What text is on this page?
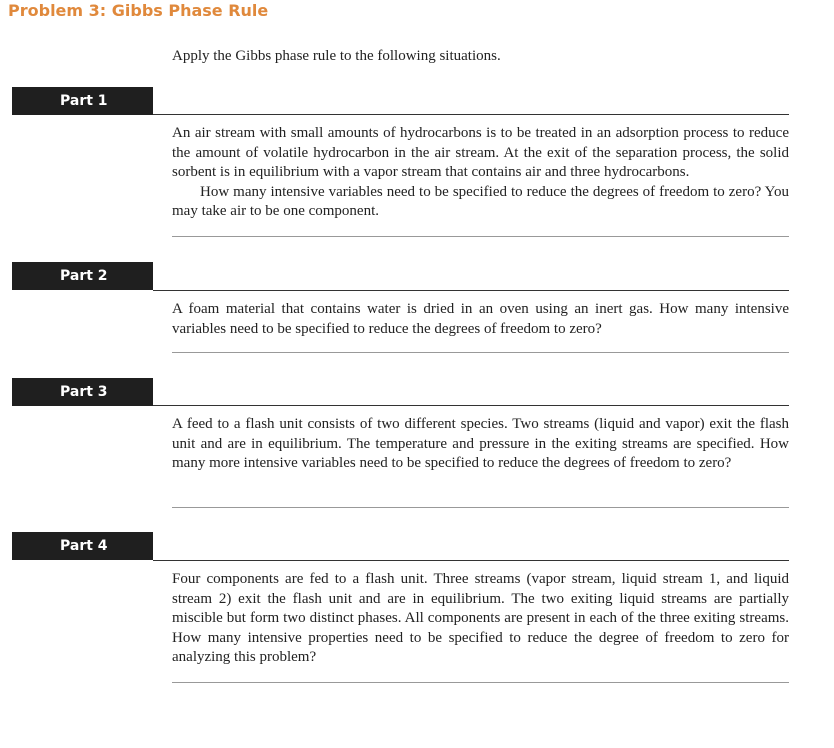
Problem 3: Gibbs Phase Rule
Apply the Gibbs phase rule to the following situations.
Part 1

An air stream with small amounts of hydrocarbons is to be treated in an adsorption process to reduce the amount of volatile hydrocarbon in the air stream. At the exit of the separation process, the solid sorbent is in equilibrium with a vapor stream that contains air and three hydrocarbons.
How many intensive variables need to be specified to reduce the degrees of freedom to zero? You may take air to be one component.

Part 2

A foam material that contains water is dried in an oven using an inert gas. How many intensive variables need to be specified to reduce the degrees of freedom to zero?

Part 3

A feed to a flash unit consists of two different species. Two streams (liquid and vapor) exit the flash unit and are in equilibrium. The temperature and pressure in the exiting streams are specified. How many more intensive variables need to be specified to reduce the degrees of freedom to zero?

Part 4

Four components are fed to a flash unit. Three streams (vapor stream, liquid stream 1, and liquid stream 2) exit the flash unit and are in equilibrium. The two exiting liquid streams are partially miscible but form two distinct phases. All components are present in each of the three exiting streams. How many intensive properties need to be specified to reduce the degree of freedom to zero for analyzing this problem?
